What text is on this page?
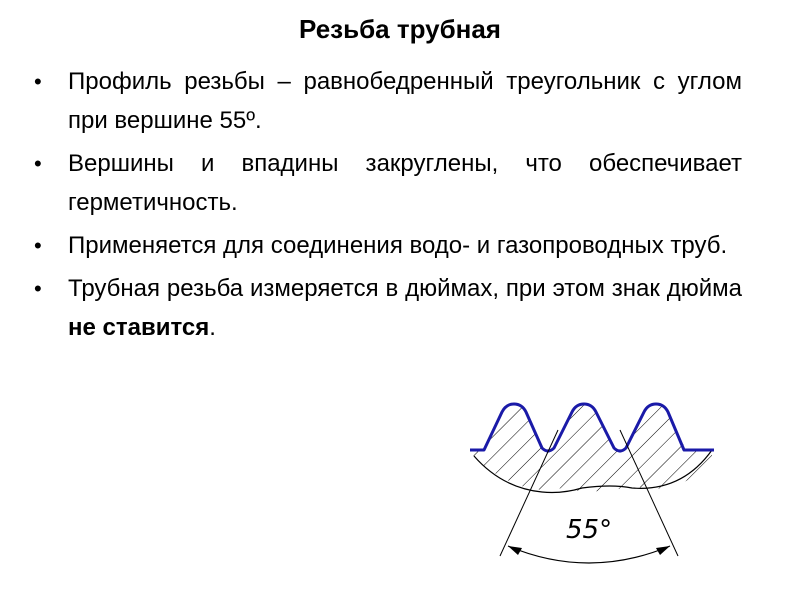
Резьба трубная
• Профиль резьбы – равнобедренный треугольник с углом при вершине 55º.
• Вершины и впадины закруглены, что обеспечивает герметичность.
• Применяется для соединения водо- и газопроводных труб.
• Трубная резьба измеряется в дюймах, при этом знак дюйма не ставится.
55°
